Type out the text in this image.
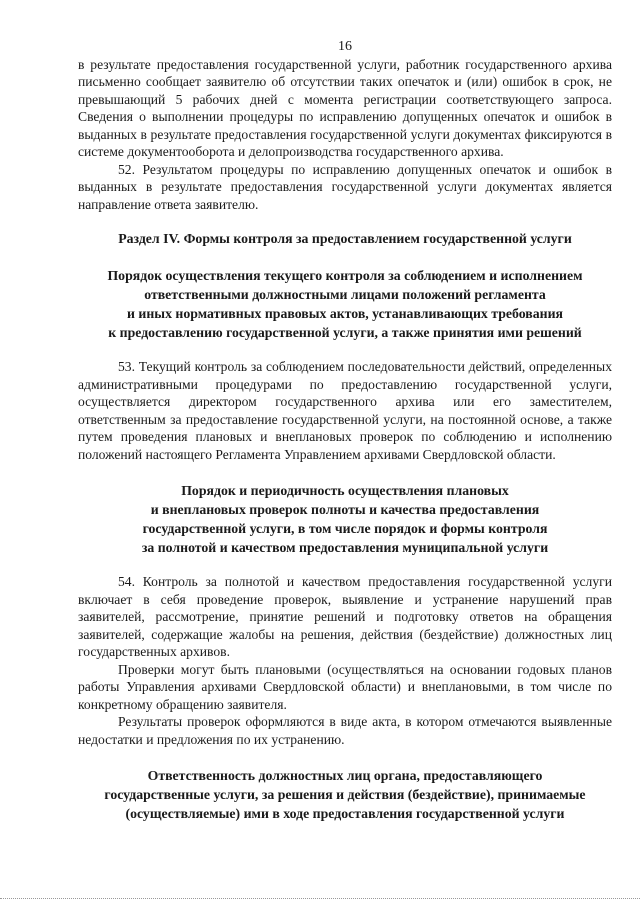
16

в результате предоставления государственной услуги, работник государственного архива письменно сообщает заявителю об отсутствии таких опечаток и (или) ошибок в срок, не превышающий 5 рабочих дней с момента регистрации соответствующего запроса. Сведения о выполнении процедуры по исправлению допущенных опечаток и ошибок в выданных в результате предоставления государственной услуги документах фиксируются в системе документооборота и делопроизводства государственного архива.

52. Результатом процедуры по исправлению допущенных опечаток и ошибок в выданных в результате предоставления государственной услуги документах является направление ответа заявителю.

Раздел IV. Формы контроля за предоставлением государственной услуги
Порядок осуществления текущего контроля за соблюдением и исполнением
ответственными должностными лицами положений регламента
и иных нормативных правовых актов, устанавливающих требования
к предоставлению государственной услуги, а также принятия ими решений

53. Текущий контроль за соблюдением последовательности действий, определенных административными процедурами по предоставлению государственной услуги, осуществляется директором государственного архива или его заместителем, ответственным за предоставление государственной услуги, на постоянной основе, а также путем проведения плановых и внеплановых проверок по соблюдению и исполнению положений настоящего Регламента Управлением архивами Свердловской области.

Порядок и периодичность осуществления плановых
и внеплановых проверок полноты и качества предоставления
государственной услуги, в том числе порядок и формы контроля
за полнотой и качеством предоставления муниципальной услуги

54. Контроль за полнотой и качеством предоставления государственной услуги включает в себя проведение проверок, выявление и устранение нарушений прав заявителей, рассмотрение, принятие решений и подготовку ответов на обращения заявителей, содержащие жалобы на решения, действия (бездействие) должностных лиц государственных архивов.

Проверки могут быть плановыми (осуществляться на основании годовых планов работы Управления архивами Свердловской области) и внеплановыми, в том числе по конкретному обращению заявителя.

Результаты проверок оформляются в виде акта, в котором отмечаются выявленные недостатки и предложения по их устранению.

Ответственность должностных лиц органа, предоставляющего
государственные услуги, за решения и действия (бездействие), принимаемые
(осуществляемые) ими в ходе предоставления государственной услуги
